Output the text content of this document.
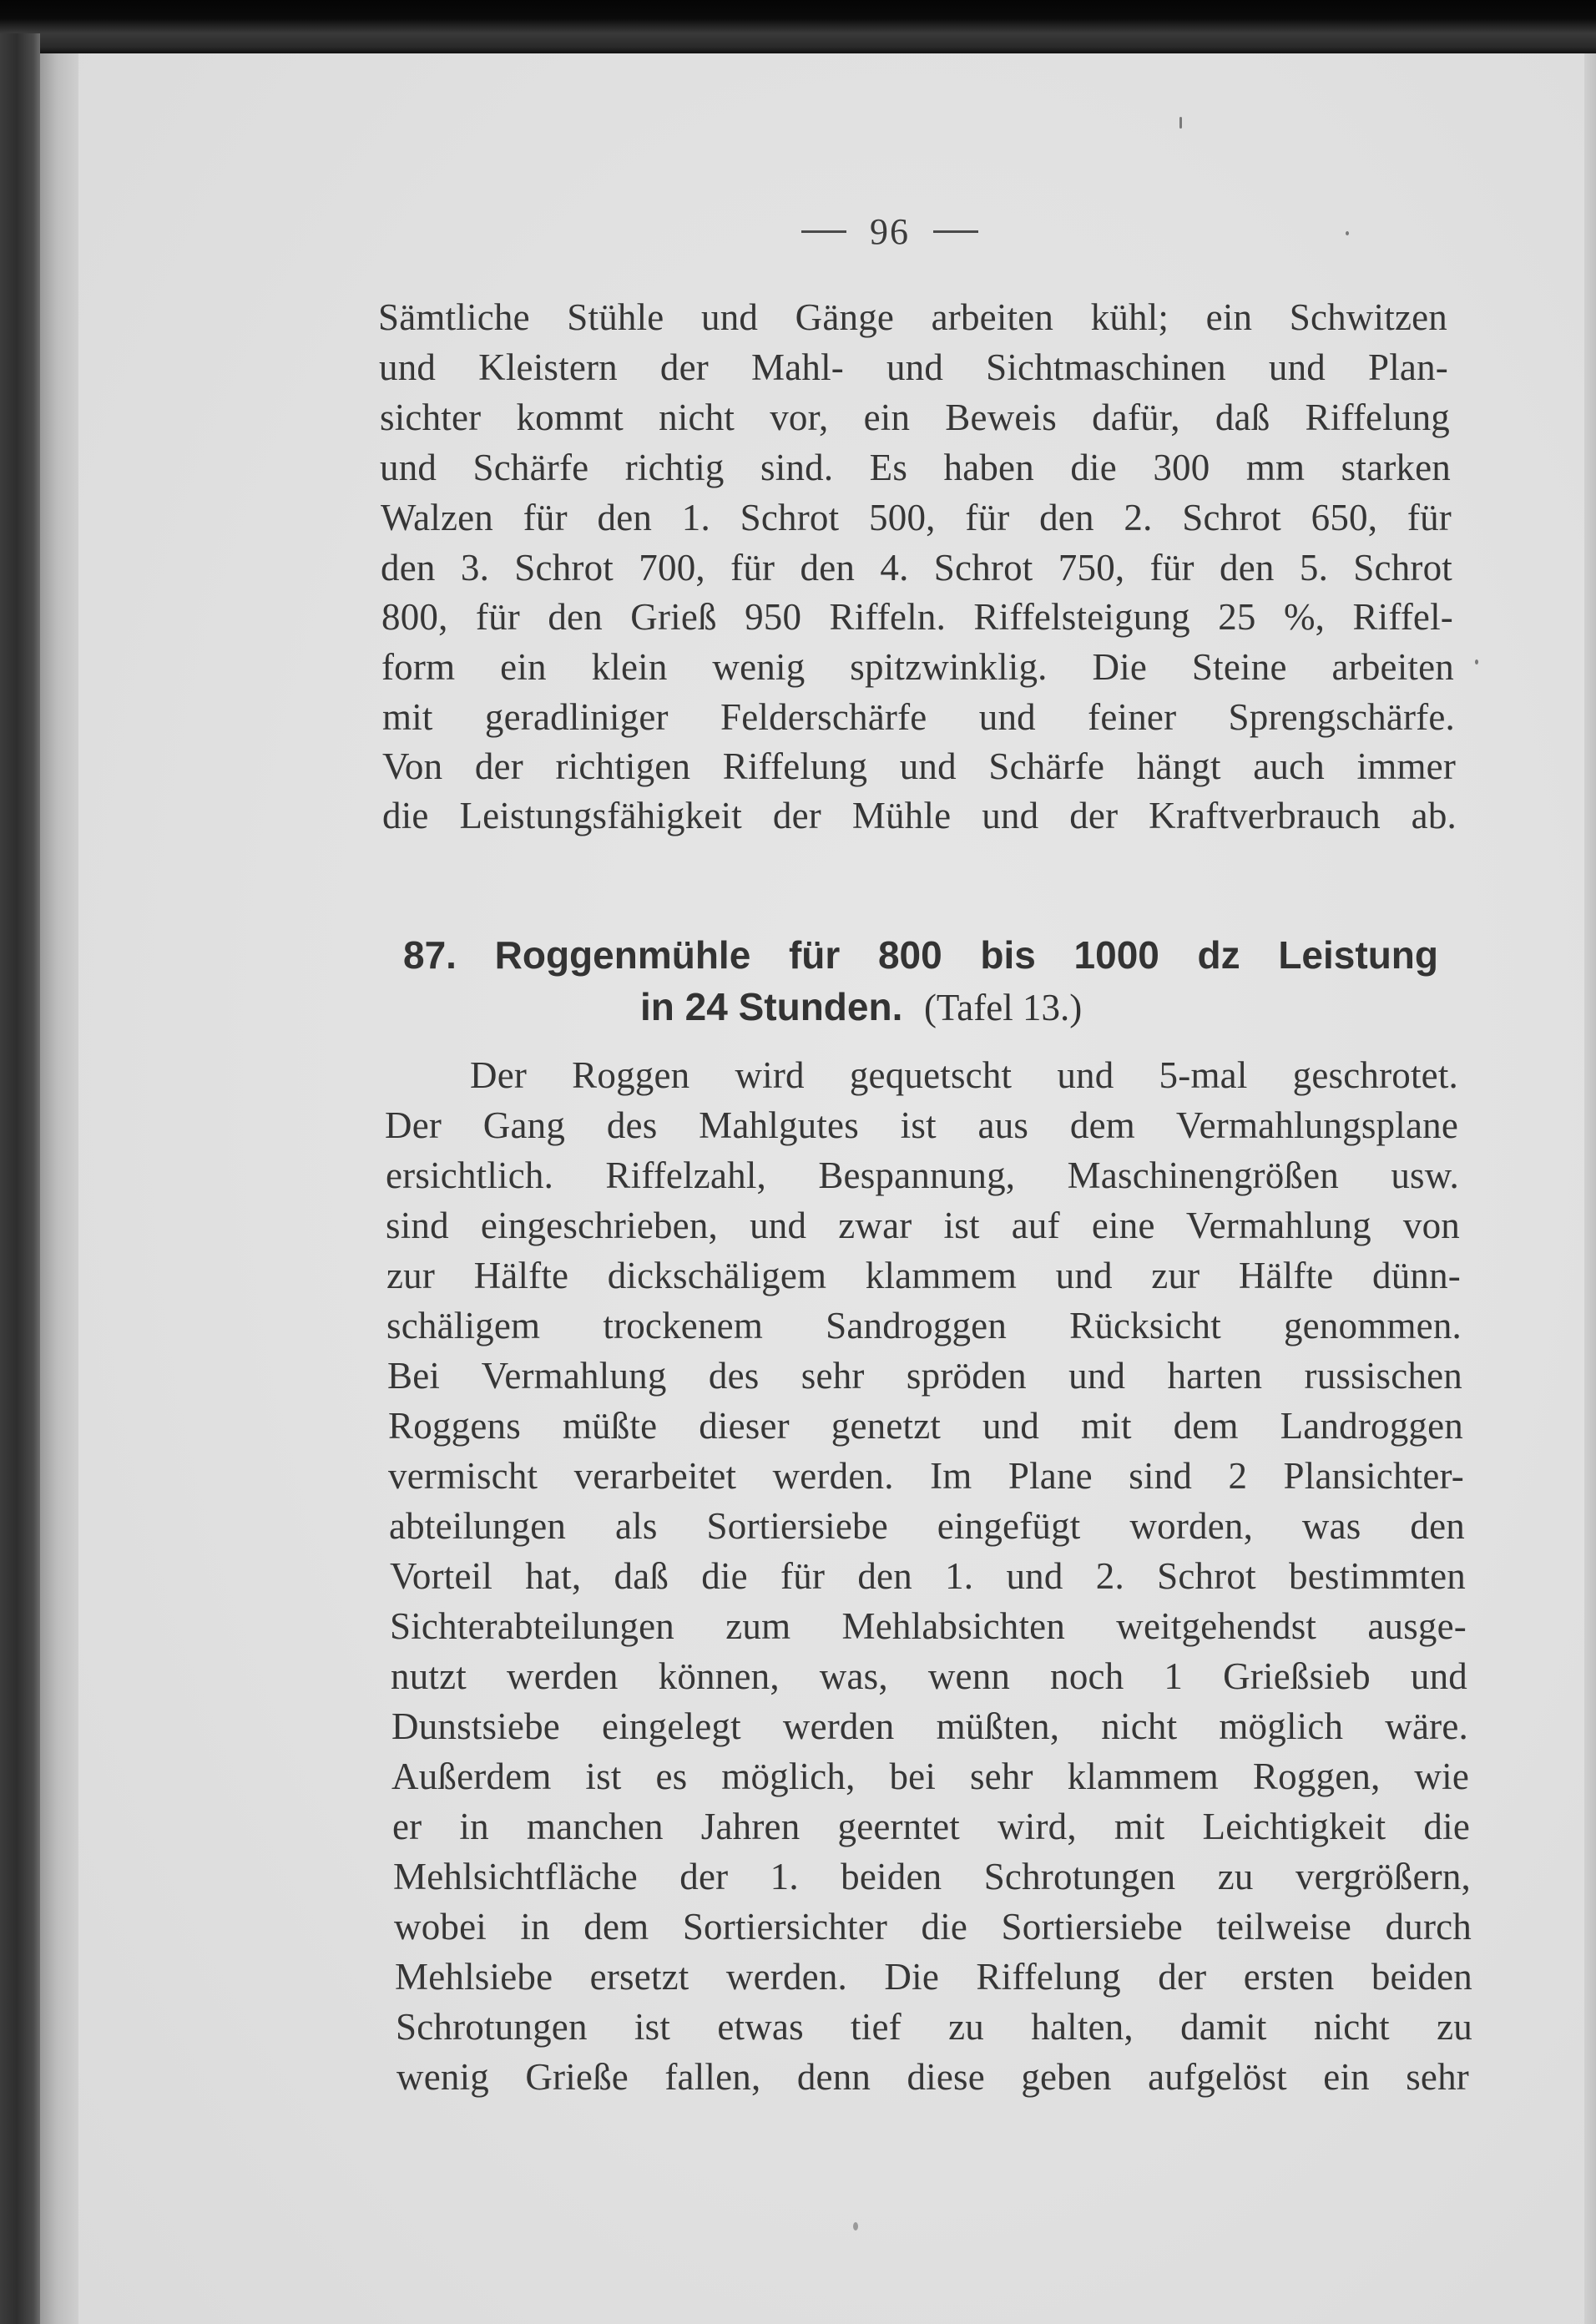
96
Sämtliche Stühle und Gänge arbeiten kühl; ein Schwitzen
und Kleistern der Mahl- und Sichtmaschinen und Plan-
sichter kommt nicht vor, ein Beweis dafür, daß Riffelung
und Schärfe richtig sind. Es haben die 300 mm starken
Walzen für den 1. Schrot 500, für den 2. Schrot 650, für
den 3. Schrot 700, für den 4. Schrot 750, für den 5. Schrot
800, für den Grieß 950 Riffeln. Riffelsteigung 25 %, Riffel-
form ein klein wenig spitzwinklig. Die Steine arbeiten
mit geradliniger Felderschärfe und feiner Sprengschärfe.
Von der richtigen Riffelung und Schärfe hängt auch immer
die Leistungsfähigkeit der Mühle und der Kraftverbrauch ab.
87. Roggenmühle für 800 bis 1000 dz Leistung
in 24 Stunden. (Tafel 13.)
Der Roggen wird gequetscht und 5-mal geschrotet.
Der Gang des Mahlgutes ist aus dem Vermahlungsplane
ersichtlich. Riffelzahl, Bespannung, Maschinengrößen usw.
sind eingeschrieben, und zwar ist auf eine Vermahlung von
zur Hälfte dickschäligem klammem und zur Hälfte dünn-
schäligem trockenem Sandroggen Rücksicht genommen.
Bei Vermahlung des sehr spröden und harten russischen
Roggens müßte dieser genetzt und mit dem Landroggen
vermischt verarbeitet werden. Im Plane sind 2 Plansichter-
abteilungen als Sortiersiebe eingefügt worden, was den
Vorteil hat, daß die für den 1. und 2. Schrot bestimmten
Sichterabteilungen zum Mehlabsichten weitgehendst ausge-
nutzt werden können, was, wenn noch 1 Grießsieb und
Dunstsiebe eingelegt werden müßten, nicht möglich wäre.
Außerdem ist es möglich, bei sehr klammem Roggen, wie
er in manchen Jahren geerntet wird, mit Leichtigkeit die
Mehlsichtfläche der 1. beiden Schrotungen zu vergrößern,
wobei in dem Sortiersichter die Sortiersiebe teilweise durch
Mehlsiebe ersetzt werden. Die Riffelung der ersten beiden
Schrotungen ist etwas tief zu halten, damit nicht zu
wenig Grieße fallen, denn diese geben aufgelöst ein sehr
